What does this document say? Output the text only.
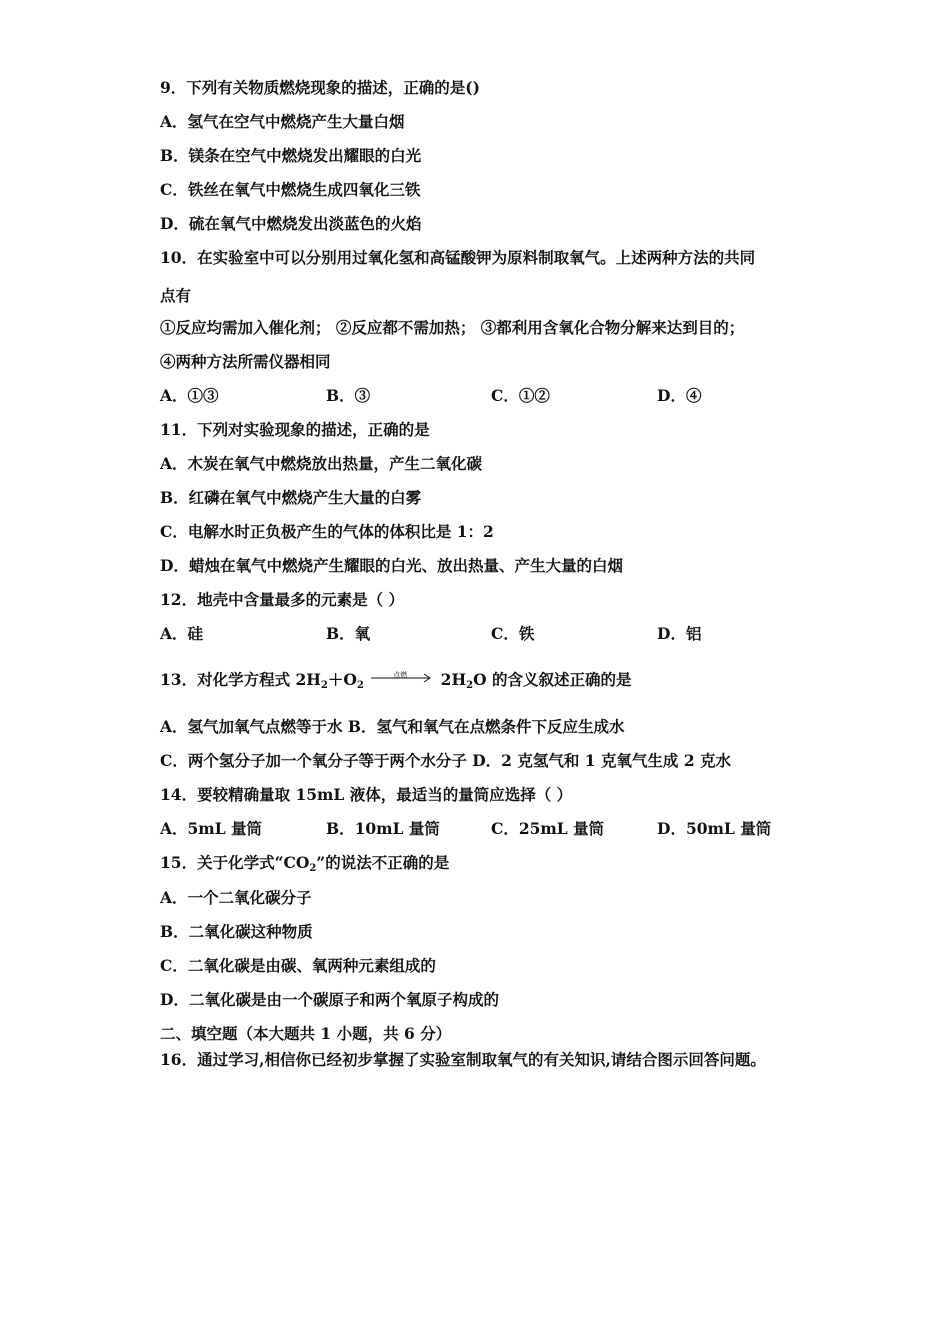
9．下列有关物质燃烧现象的描述，正确的是()
A．氢气在空气中燃烧产生大量白烟
B．镁条在空气中燃烧发出耀眼的白光
C．铁丝在氧气中燃烧生成四氧化三铁
D．硫在氧气中燃烧发出淡蓝色的火焰
10．在实验室中可以分别用过氧化氢和高锰酸钾为原料制取氧气。上述两种方法的共同
点有
①反应均需加入催化剂； ②反应都不需加热； ③都利用含氧化合物分解来达到目的；
④两种方法所需仪器相同
A．①③	B．③	C．①②	D．④
11．下列对实验现象的描述，正确的是
A．木炭在氧气中燃烧放出热量，产生二氧化碳
B．红磷在氧气中燃烧产生大量的白雾
C．电解水时正负极产生的气体的体积比是 1：2
D．蜡烛在氧气中燃烧产生耀眼的白光、放出热量、产生大量的白烟
12．地壳中含量最多的元素是（ ）
A．硅	B．氧	C．铁	D．铝
13．对化学方程式 $2H_2+O_2$
点燃 $2H_2O$ 的含义叙述正确的是
A．氢气加氧气点燃等于水 B．氢气和氧气在点燃条件下反应生成水
C．两个氢分子加一个氧分子等于两个水分子 D．2 克氢气和 1 克氧气生成 2 克水
14．要较精确量取 15mL 液体，最适当的量筒应选择（ ）
A．5mL 量筒	B．10mL 量筒	C．25mL 量筒	D．50mL 量筒
15．关于化学式“$CO_2$”的说法不正确的是
A．一个二氧化碳分子
B．二氧化碳这种物质
C．二氧化碳是由碳、氧两种元素组成的
D．二氧化碳是由一个碳原子和两个氧原子构成的
二、填空题（本大题共 1 小题，共 6 分）
16．通过学习,相信你已经初步掌握了实验室制取氧气的有关知识,请结合图示回答问题。
